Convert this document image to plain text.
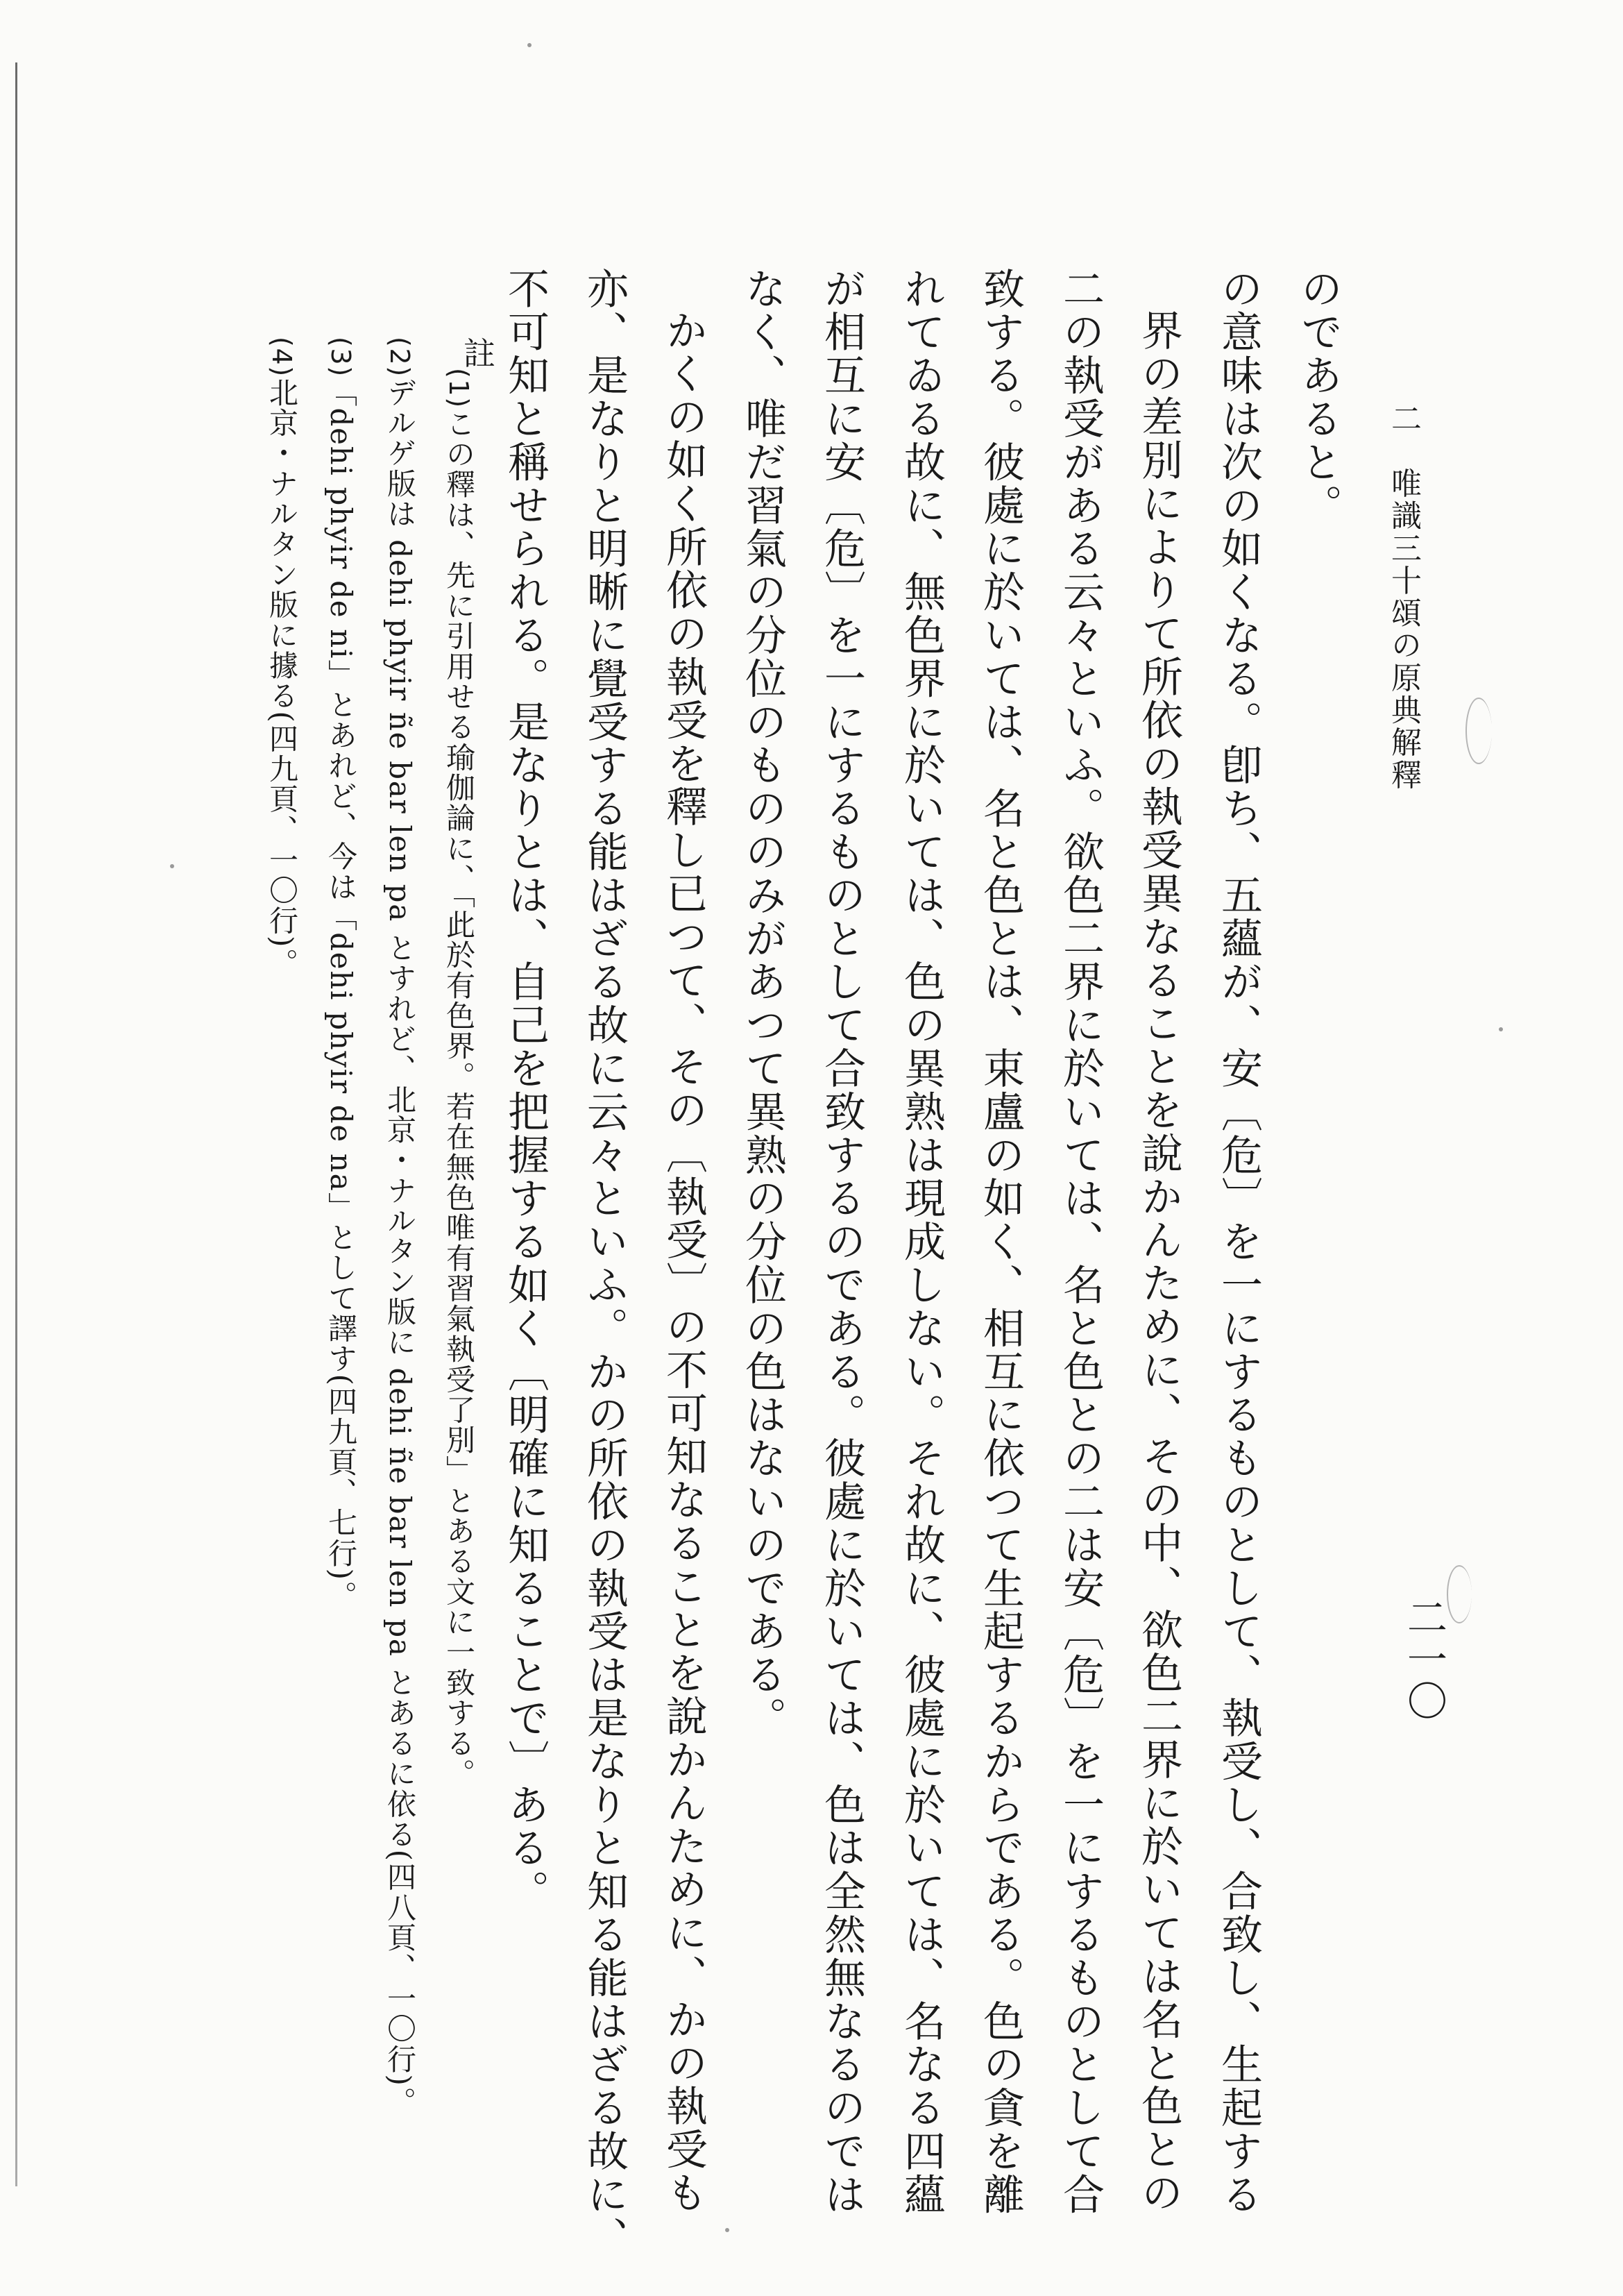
二　唯識三十頌の原典解釋
二一〇
のであると。
の意味は次の如くなる。卽ち、五蘊が、安〔危〕を一にするものとして、執受し、合致し、生起する
界の差別によりて所依の執受異なることを說かんために、その中、欲色二界に於いては名と色との
二の執受がある云々といふ。欲色二界に於いては、名と色との二は安〔危〕を一にするものとして合
致する。彼處に於いては、名と色とは、束盧の如く、相互に依つて生起するからである。色の貪を離
れてゐる故に、無色界に於いては、色の異熟は現成しない。それ故に、彼處に於いては、名なる四蘊
が相互に安〔危〕を一にするものとして合致するのである。彼處に於いては、色は全然無なるのでは
なく、唯だ習氣の分位のもののみがあつて異熟の分位の色はないのである。
かくの如く所依の執受を釋し已つて、その〔執受〕の不可知なることを說かんために、かの執受も
亦、是なりと明晰に覺受する能はざる故に云々といふ。かの所依の執受は是なりと知る能はざる故に、
不可知と稱せられる。是なりとは、自己を把握する如く〔明確に知ることで〕ある。
註
(1)この釋は、先に引用せる瑜伽論に、「此於有色界。若在無色唯有習氣執受了別」とある文に一致する。
(2)デルゲ版は dehi phyir ñe bar len pa とすれど、北京・ナルタン版に dehi ñe bar len pa とあるに依る(四八頁、一〇行)。
(3)「dehi phyir de ni」とあれど、今は「dehi phyir de na」として譯す(四九頁、七行)。
(4)北京・ナルタン版に據る(四九頁、一〇行)。
